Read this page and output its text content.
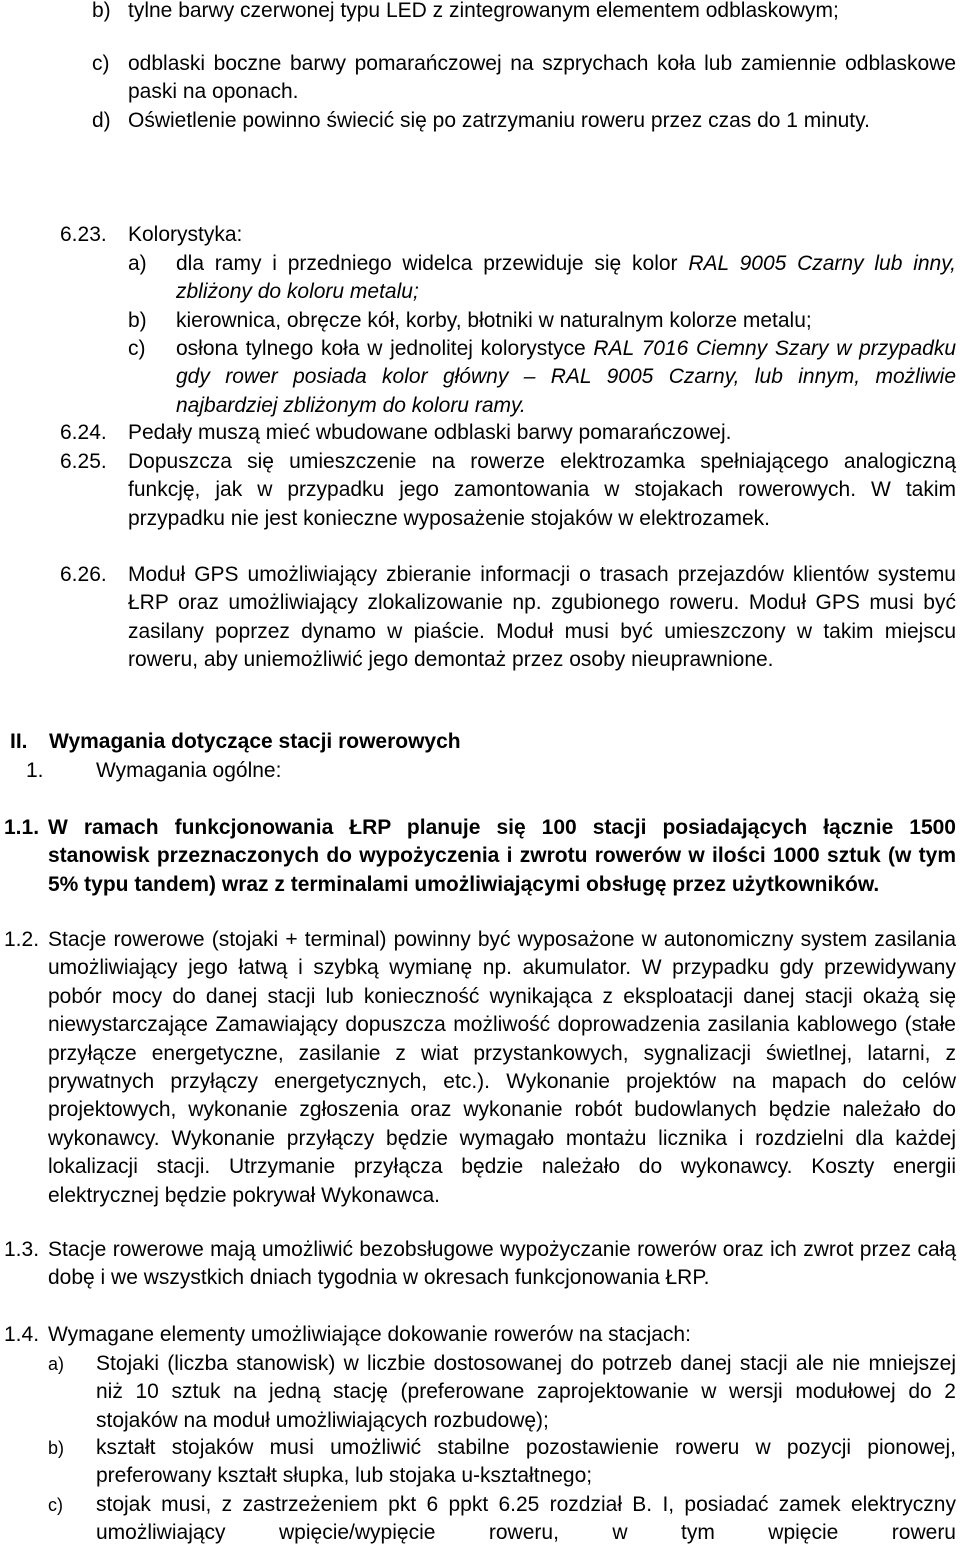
b) tylne barwy czerwonej typu LED z zintegrowanym elementem odblaskowym;

c) odblaski boczne barwy pomarańczowej na szprychach koła lub zamiennie odblaskowe paski na oponach.

d) Oświetlenie powinno świecić się po zatrzymaniu roweru przez czas do 1 minuty.

6.23. Kolorystyka:

a) dla ramy i przedniego widelca przewiduje się kolor RAL 9005 Czarny lub inny, zbliżony do koloru metalu;

b) kierownica, obręcze kół, korby, błotniki w naturalnym kolorze metalu;

c) osłona tylnego koła w jednolitej kolorystyce RAL 7016 Ciemny Szary w przypadku gdy rower posiada kolor główny – RAL 9005 Czarny, lub innym, możliwie najbardziej zbliżonym do koloru ramy.

6.24. Pedały muszą mieć wbudowane odblaski barwy pomarańczowej.

6.25. Dopuszcza się umieszczenie na rowerze elektrozamka spełniającego analogiczną funkcję, jak w przypadku jego zamontowania w stojakach rowerowych. W takim przypadku nie jest konieczne wyposażenie stojaków w elektrozamek.

6.26. Moduł GPS umożliwiający zbieranie informacji o trasach przejazdów klientów systemu ŁRP oraz umożliwiający zlokalizowanie np. zgubionego roweru. Moduł GPS musi być zasilany poprzez dynamo w piaście. Moduł musi być umieszczony w takim miejscu roweru, aby uniemożliwić jego demontaż przez osoby nieuprawnione.

II. Wymagania dotyczące stacji rowerowych
1. Wymagania ogólne:
1.1. W ramach funkcjonowania ŁRP planuje się 100 stacji posiadających łącznie 1500 stanowisk przeznaczonych do wypożyczenia i zwrotu rowerów w ilości 1000 sztuk (w tym 5% typu tandem) wraz z terminalami umożliwiającymi obsługę przez użytkowników.

1.2. Stacje rowerowe (stojaki + terminal) powinny być wyposażone w autonomiczny system zasilania umożliwiający jego łatwą i szybką wymianę np. akumulator. W przypadku gdy przewidywany pobór mocy do danej stacji lub konieczność wynikająca z eksploatacji danej stacji okażą się niewystarczające Zamawiający dopuszcza możliwość doprowadzenia zasilania kablowego (stałe przyłącze energetyczne, zasilanie z wiat przystankowych, sygnalizacji świetlnej, latarni, z prywatnych przyłączy energetycznych, etc.). Wykonanie projektów na mapach do celów projektowych, wykonanie zgłoszenia oraz wykonanie robót budowlanych będzie należało do wykonawcy. Wykonanie przyłączy będzie wymagało montażu licznika i rozdzielni dla każdej lokalizacji stacji. Utrzymanie przyłącza będzie należało do wykonawcy. Koszty energii elektrycznej będzie pokrywał Wykonawca.

1.3. Stacje rowerowe mają umożliwić bezobsługowe wypożyczanie rowerów oraz ich zwrot przez całą dobę i we wszystkich dniach tygodnia w okresach funkcjonowania ŁRP.

1.4. Wymagane elementy umożliwiające dokowanie rowerów na stacjach:

a) Stojaki (liczba stanowisk) w liczbie dostosowanej do potrzeb danej stacji ale nie mniejszej niż 10 sztuk na jedną stację (preferowane zaprojektowanie w wersji modułowej do 2 stojaków na moduł umożliwiających rozbudowę);

b) kształt stojaków musi umożliwić stabilne pozostawienie roweru w pozycji pionowej, preferowany kształt słupka, lub stojaka u-kształtnego;

c) stojak musi, z zastrzeżeniem pkt 6 ppkt 6.25 rozdział B. I, posiadać zamek elektryczny umożliwiający wpięcie/wypięcie roweru, w tym wpięcie roweru
